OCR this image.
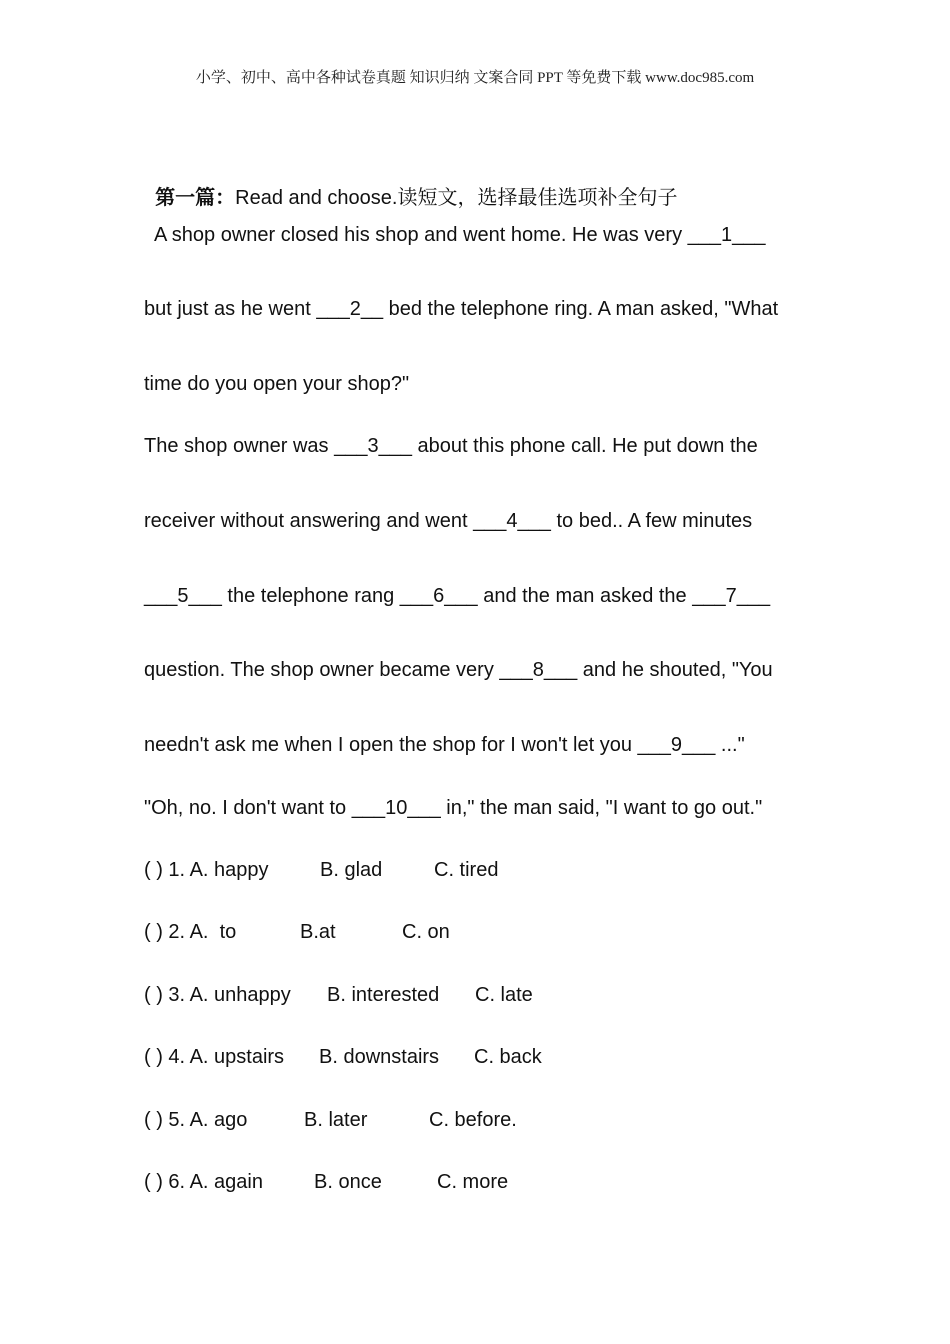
小学、初中、高中各种试卷真题 知识归纳 文案合同 PPT 等免费下载 www.doc985.com

第一篇：Read and choose.读短文，选择最佳选项补全句子

A shop owner closed his shop and went home. He was very ___1___
but just as he went ___2__ bed the telephone ring. A man asked, "What
time do you open your shop?"
The shop owner was ___3___ about this phone call. He put down the
receiver without answering and went ___4___ to bed.. A few minutes
___5___ the telephone rang ___6___ and the man asked the ___7___
question. The shop owner became very ___8___ and he shouted, "You
needn't ask me when I open the shop for I won't let you ___9___ ..."
"Oh, no. I don't want to ___10___ in," the man said, "I want to go out."
( ) 1. A. happy	B. glad	C. tired
( ) 2. A.  to	B.at	C. on
( ) 3. A. unhappy B. interested C. late
( ) 4. A. upstairs B. downstairs C. back
( ) 5. A. ago	B. later	C. before.
( ) 6. A. again	B. once	C. more
